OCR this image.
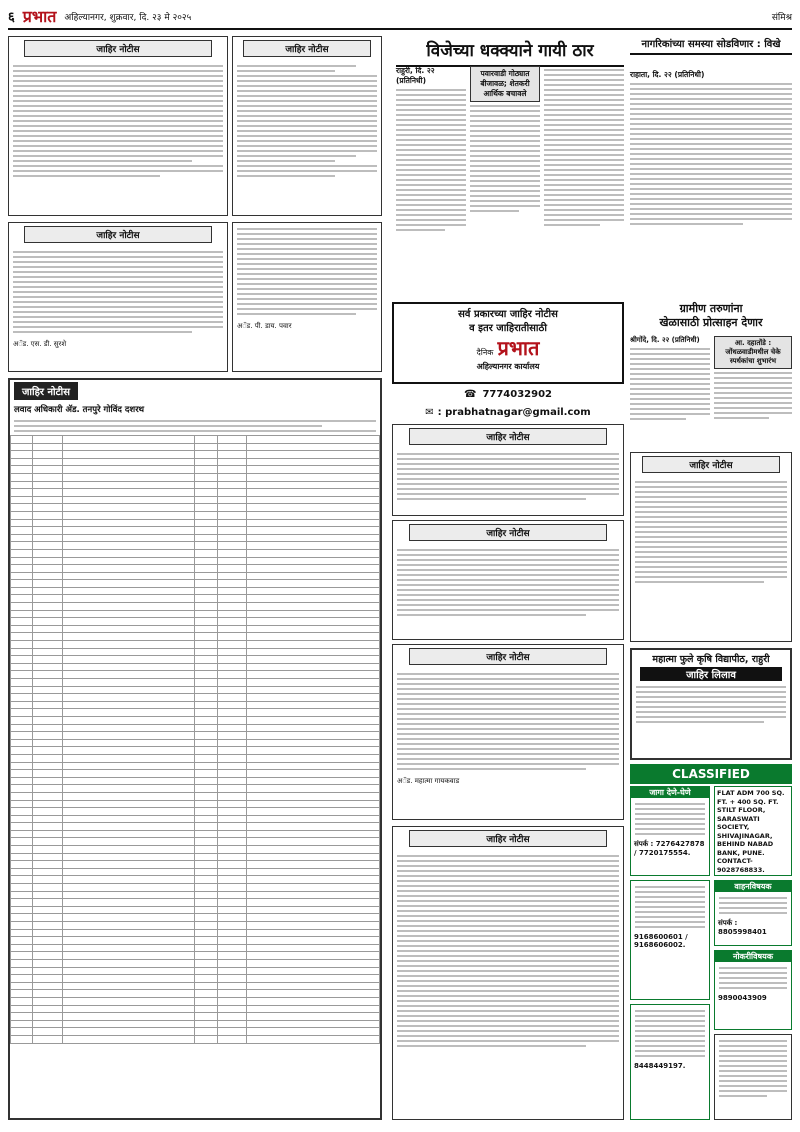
६ प्रभात अहिल्यानगर, शुक्रवार, दि. २३ मे २०२५	संमिश्र
जाहिर नोटीस	जाहिर नोटीस
जाहिर नोटीस
अॅड. एस. डी. सुरशे
अॅड. पी. डाय. पवार
जाहिर नोटीस
लवाद अधिकारी ॲड. तनपुरे गोविंद दशरथ

विजेच्या धक्क्याने गायी ठार
राहुरी, दि. २२ (प्रतिनिधी)
पवारवाडी गोठ्यात
बीजावळ; शेतकरी
आर्थिक बचावले
नागरिकांच्या समस्या सोडविणार : विखे
राहाता, दि. २२ (प्रतिनिधी)
सर्व प्रकारच्या जाहिर नोटीस
व इतर जाहिरातीसाठी
दैनिक प्रभात
अहिल्यानगर कार्यालय
☎ 7774032902
✉ : prabhatnagar@gmail.com
ग्रामीण तरुणांना
खेळासाठी प्रोत्साहन देणार
श्रीगोंदे, दि. २२ (प्रतिनिधी)	आ. दहातोंडे :
जोंधळवाडीमधील चेके
स्पर्धकांचा शुभारंभ
जाहिर नोटीस
जाहिर नोटीस
जाहिर नोटीस
अॅड. महात्मा गायकवाड
जाहिर नोटीस
जाहिर नोटीस
महात्मा फुले कृषि विद्यापीठ, राहुरी
जाहिर लिलाव
CLASSIFIED
जागा देणे-घेणे
संपर्क : 7276427878 / 7720175554.
FLAT ADM 700 SQ. FT. + 400 SQ. FT. STILT FLOOR, SARASWATI SOCIETY, SHIVAJINAGAR, BEHIND NABAD BANK, PUNE. CONTACT-9028768833.
9168600601 / 9168606002.
वाहनविषयक
संपर्क : 8805998401
नोकरीविषयक
9890043909
8448449197.
